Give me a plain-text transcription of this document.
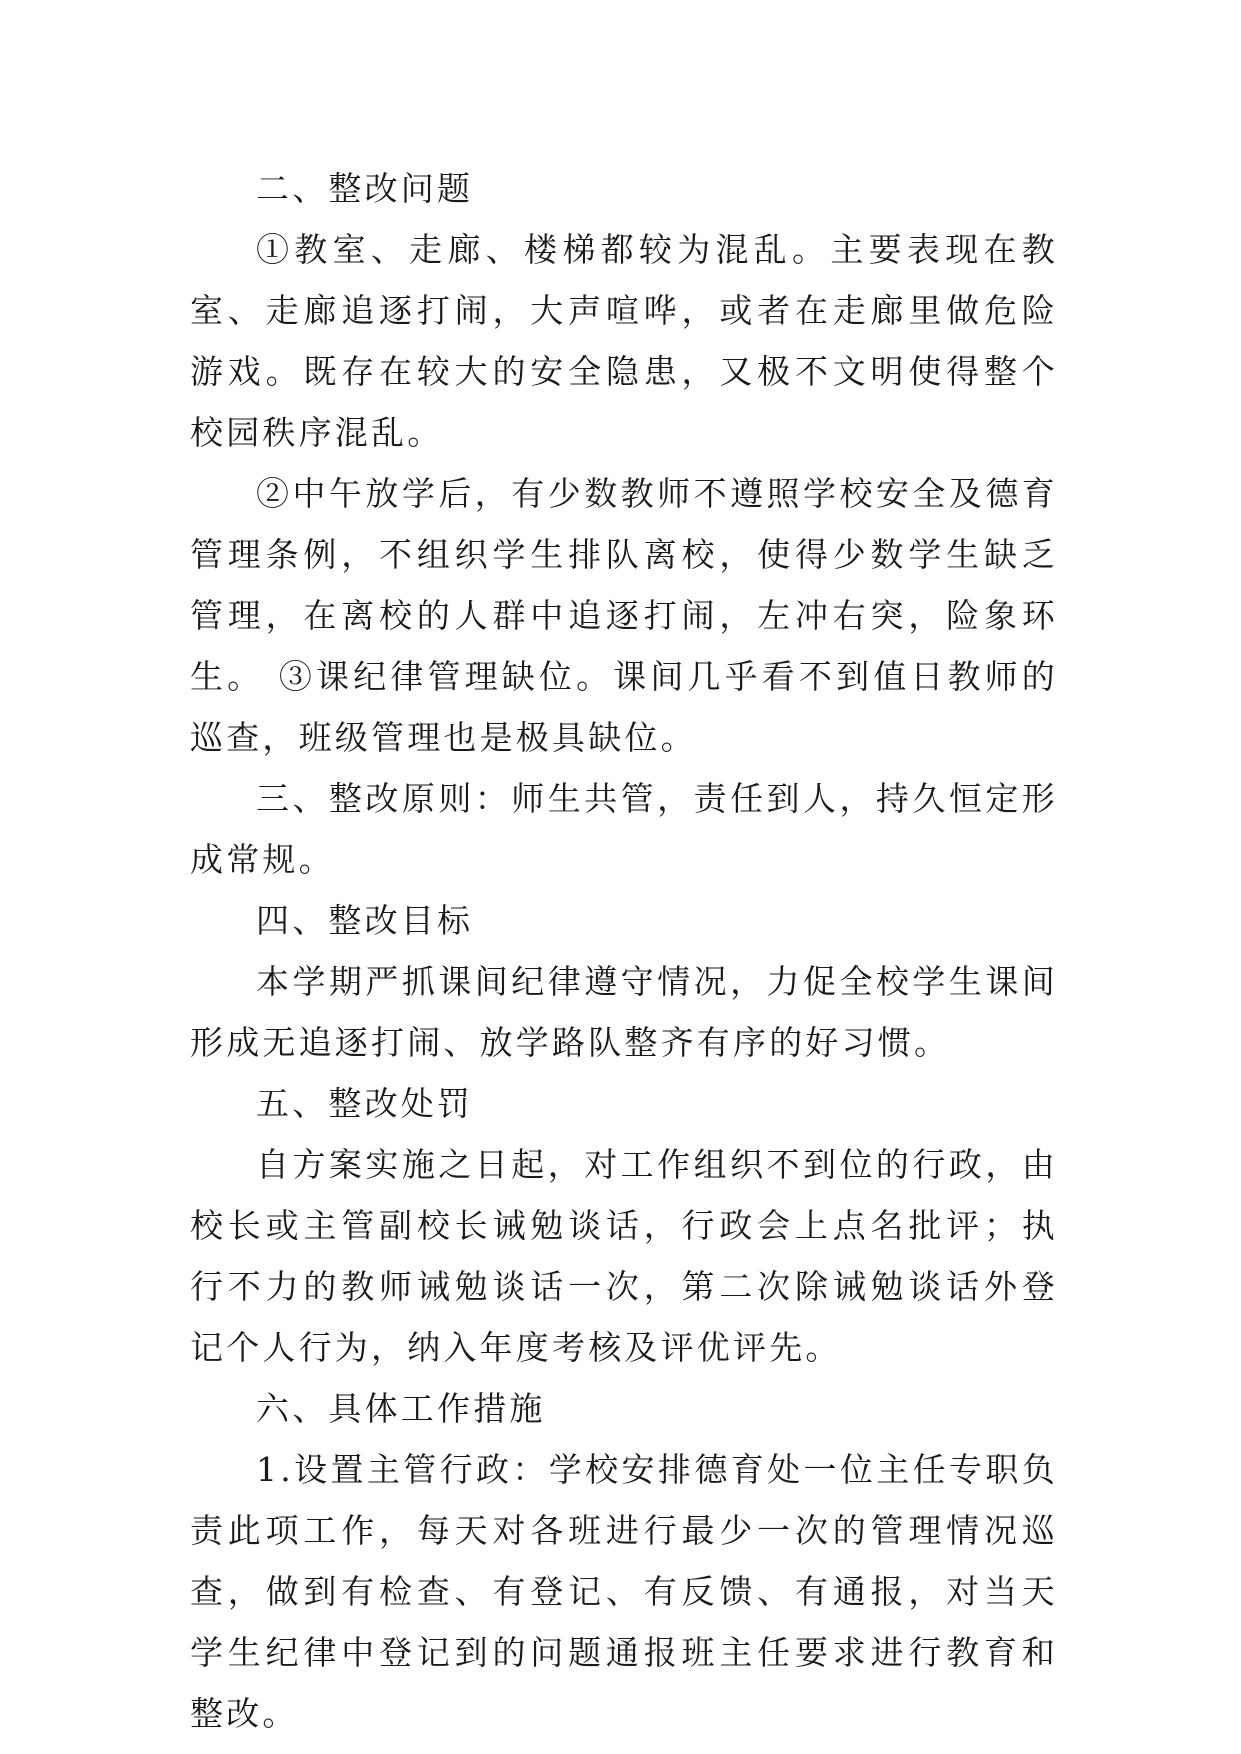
二、整改问题

①教室、走廊、楼梯都较为混乱。主要表现在教室、走廊追逐打闹，大声喧哗，或者在走廊里做危险游戏。既存在较大的安全隐患，又极不文明使得整个校园秩序混乱。

②中午放学后，有少数教师不遵照学校安全及德育管理条例，不组织学生排队离校，使得少数学生缺乏管理，在离校的人群中追逐打闹，左冲右突，险象环生。 ③课纪律管理缺位。课间几乎看不到值日教师的巡查，班级管理也是极具缺位。

三、整改原则：师生共管，责任到人，持久恒定形成常规。

四、整改目标

本学期严抓课间纪律遵守情况，力促全校学生课间形成无追逐打闹、放学路队整齐有序的好习惯。

五、整改处罚

自方案实施之日起，对工作组织不到位的行政，由校长或主管副校长诫勉谈话，行政会上点名批评；执行不力的教师诫勉谈话一次，第二次除诫勉谈话外登记个人行为，纳入年度考核及评优评先。

六、具体工作措施

1.设置主管行政：学校安排德育处一位主任专职负责此项工作，每天对各班进行最少一次的管理情况巡查，做到有检查、有登记、有反馈、有通报，对当天学生纪律中登记到的问题通报班主任要求进行教育和整改。
